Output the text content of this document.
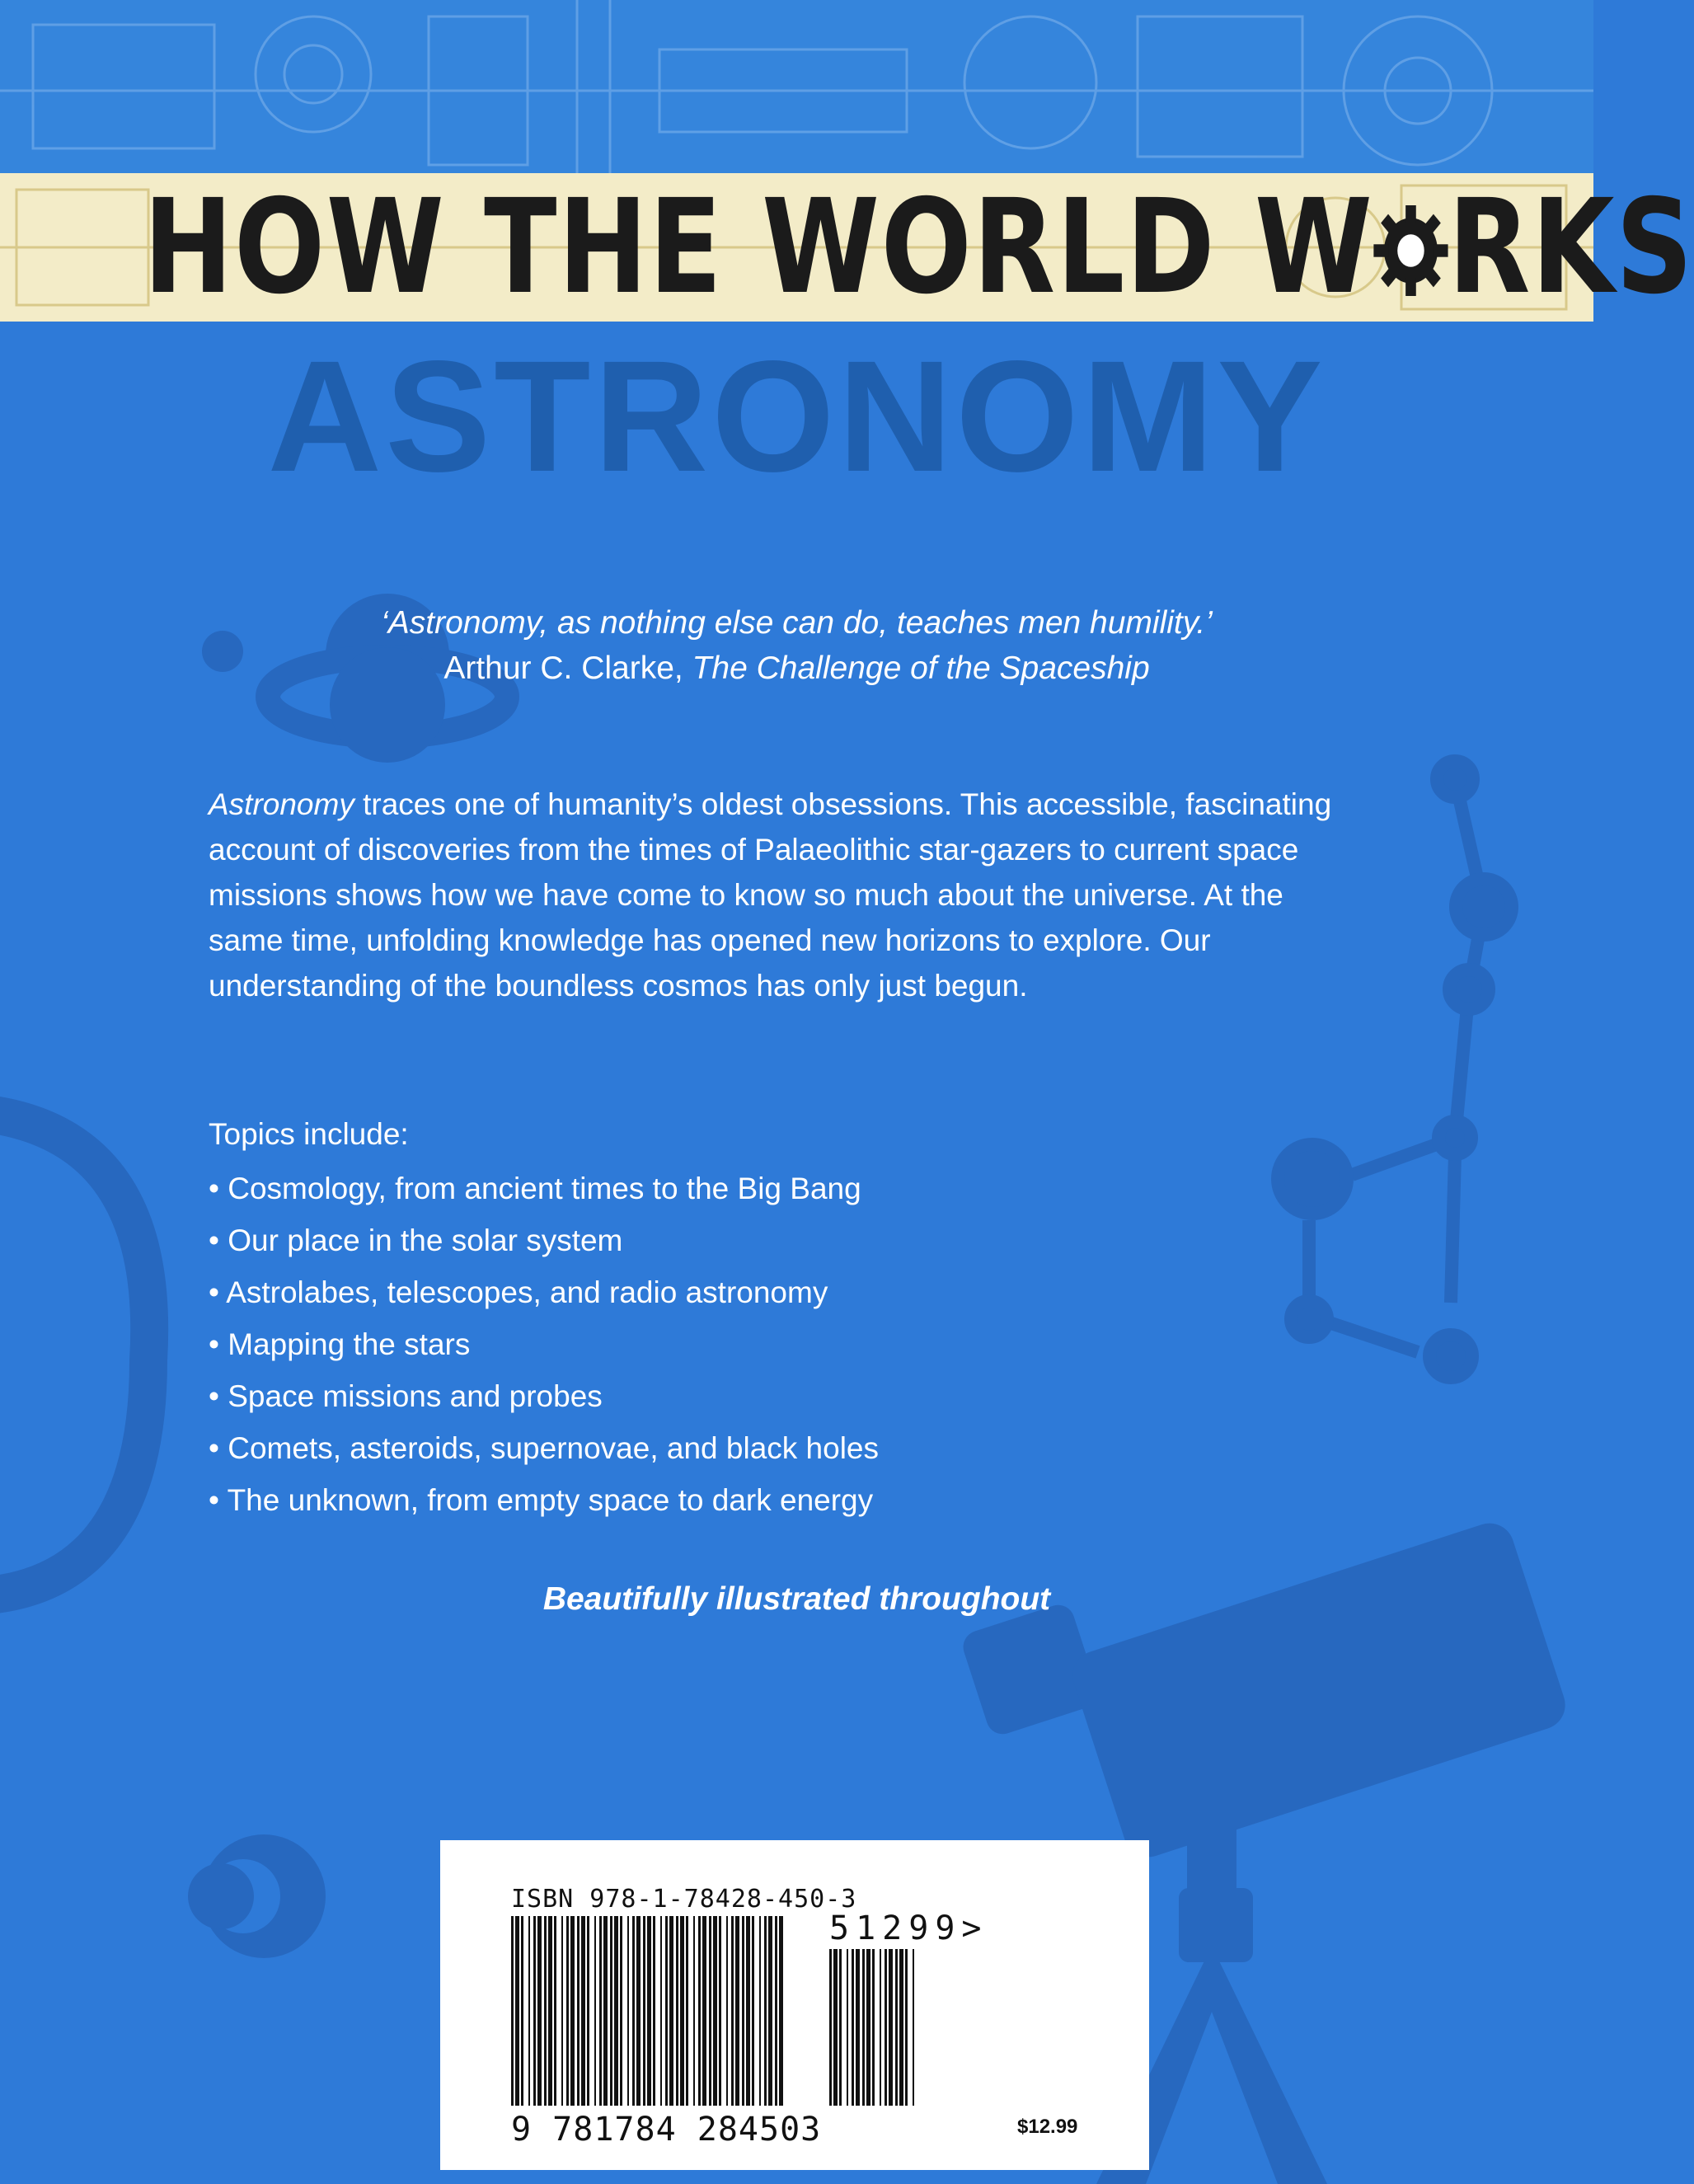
HOW THE WORLD W RKS
ASTRONOMY
‘Astronomy, as nothing else can do, teaches men humility.’
Arthur C. Clarke, The Challenge of the Spaceship

Astronomy traces one of humanity’s oldest obsessions. This accessible, fascinating account of discoveries from the times of Palaeolithic star-gazers to current space missions shows how we have come to know so much about the universe. At the same time, unfolding knowledge has opened new horizons to explore. Our understanding of the boundless cosmos has only just begun.

Topics include:
• Cosmology, from ancient times to the Big Bang
• Our place in the solar system
• Astrolabes, telescopes, and radio astronomy
• Mapping the stars
• Space missions and probes
• Comets, asteroids, supernovae, and black holes
• The unknown, from empty space to dark energy
Beautifully illustrated throughout
ISBN 978-1-78428-450-3
51299>
9 781784 284503	$12.99
